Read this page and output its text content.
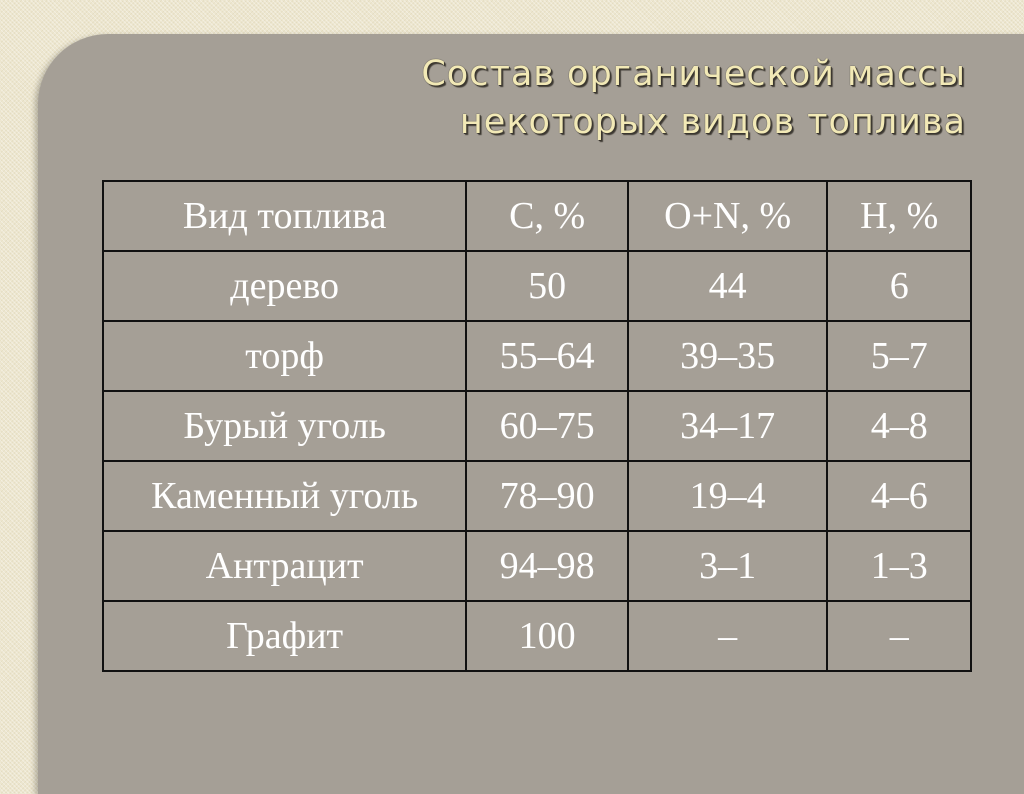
Состав органической массы
некоторых видов топлива
Вид топлива	C, %	O+N, %	H, %
дерево	50	44	6
торф	55–64	39–35	5–7
Бурый уголь	60–75	34–17	4–8
Каменный уголь	78–90	19–4	4–6
Антрацит	94–98	3–1	1–3
Графит	100	–	–
